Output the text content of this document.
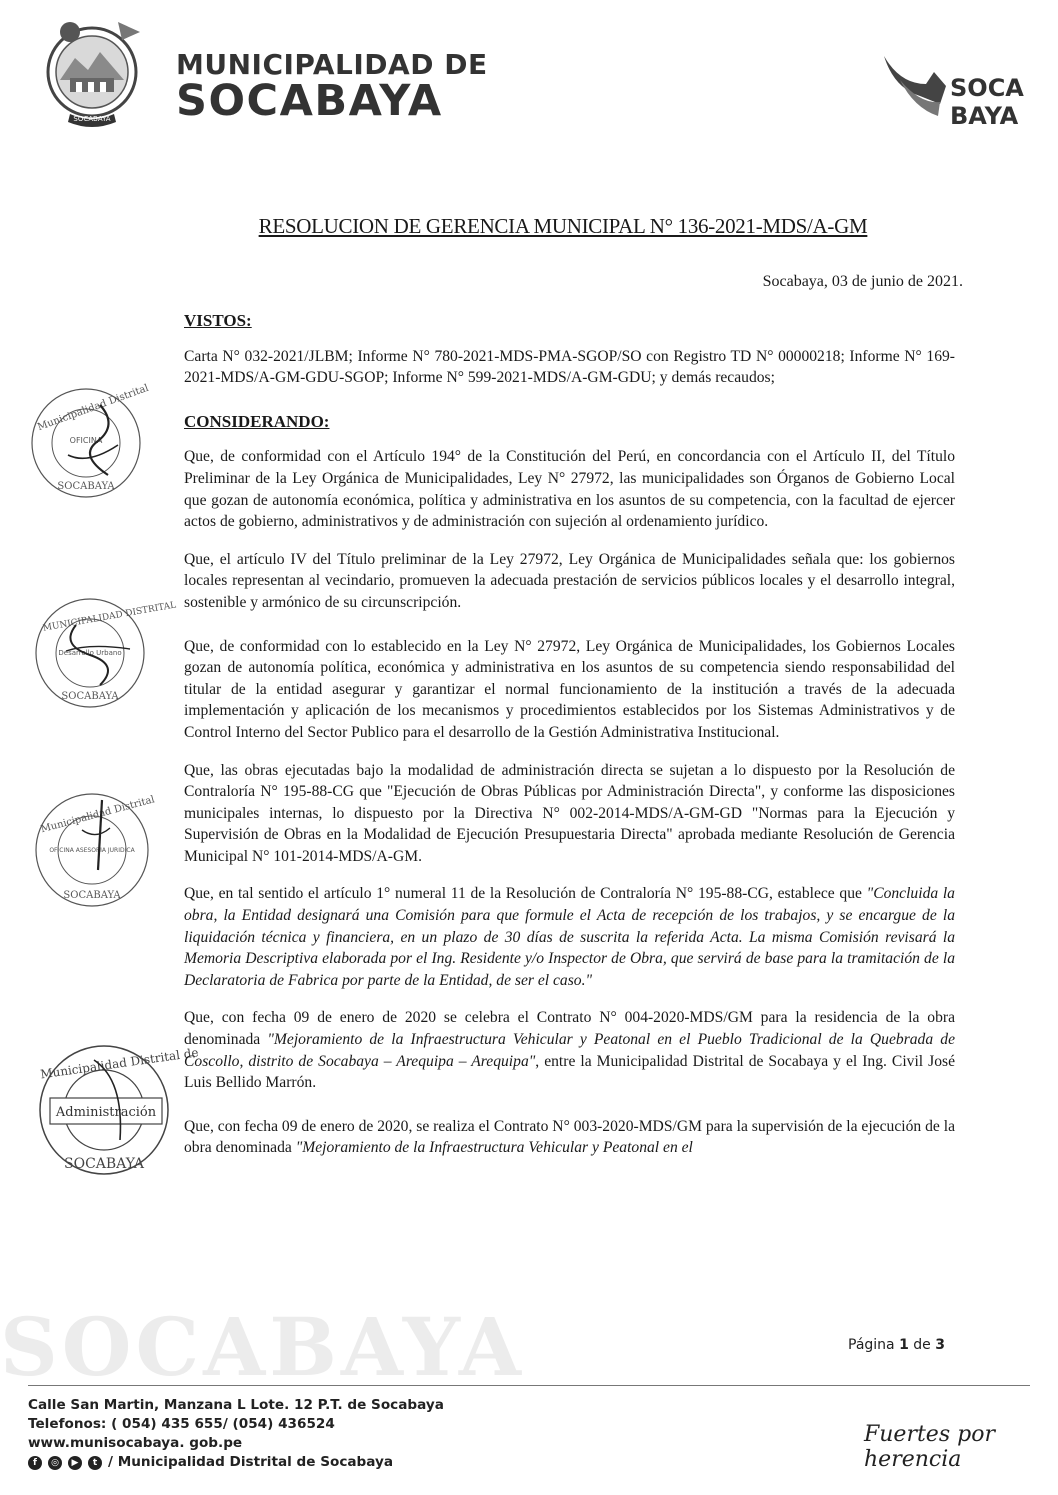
SOCABAYA
MUNICIPALIDAD DE
SOCABAYA	SOCA
BAYA
RESOLUCION DE GERENCIA MUNICIPAL N° 136-2021-MDS/A-GM
Socabaya, 03 de junio de 2021.
Municipalidad Distrital
OFICINA
SOCABAYA
MUNICIPALIDAD DISTRITAL
Desarrollo Urbano
SOCABAYA
Municipalidad Distrital
OFICINA ASESORIA JURIDICA
SOCABAYA
Municipalidad Distrital de
Administración
SOCABAYA
SOCABAYA
VISTOS:

Carta N° 032-2021/JLBM; Informe N° 780-2021-MDS-PMA-SGOP/SO con Registro TD N° 00000218; Informe N° 169-2021-MDS/A-GM-GDU-SGOP; Informe N° 599-2021-MDS/A-GM-GDU; y demás recaudos;

CONSIDERANDO:

Que, de conformidad con el Artículo 194° de la Constitución del Perú, en concordancia con el Artículo II, del Título Preliminar de la Ley Orgánica de Municipalidades, Ley N° 27972, las municipalidades son Órganos de Gobierno Local que gozan de autonomía económica, política y administrativa en los asuntos de su competencia, con la facultad de ejercer actos de gobierno, administrativos y de administración con sujeción al ordenamiento jurídico.

Que, el artículo IV del Título preliminar de la Ley 27972, Ley Orgánica de Municipalidades señala que: los gobiernos locales representan al vecindario, promueven la adecuada prestación de servicios públicos locales y el desarrollo integral, sostenible y armónico de su circunscripción.

Que, de conformidad con lo establecido en la Ley N° 27972, Ley Orgánica de Municipalidades, los Gobiernos Locales gozan de autonomía política, económica y administrativa en los asuntos de su competencia siendo responsabilidad del titular de la entidad asegurar y garantizar el normal funcionamiento de la institución a través de la adecuada implementación y aplicación de los mecanismos y procedimientos establecidos por los Sistemas Administrativos y de Control Interno del Sector Publico para el desarrollo de la Gestión Administrativa Institucional.

Que, las obras ejecutadas bajo la modalidad de administración directa se sujetan a lo dispuesto por la Resolución de Contraloría N° 195-88-CG que "Ejecución de Obras Públicas por Administración Directa", y conforme las disposiciones municipales internas, lo dispuesto por la Directiva N° 002-2014-MDS/A-GM-GD "Normas para la Ejecución y Supervisión de Obras en la Modalidad de Ejecución Presupuestaria Directa" aprobada mediante Resolución de Gerencia Municipal N° 101-2014-MDS/A-GM.

Que, en tal sentido el artículo 1° numeral 11 de la Resolución de Contraloría N° 195-88-CG, establece que "Concluida la obra, la Entidad designará una Comisión para que formule el Acta de recepción de los trabajos, y se encargue de la liquidación técnica y financiera, en un plazo de 30 días de suscrita la referida Acta. La misma Comisión revisará la Memoria Descriptiva elaborada por el Ing. Residente y/o Inspector de Obra, que servirá de base para la tramitación de la Declaratoria de Fabrica por parte de la Entidad, de ser el caso."

Que, con fecha 09 de enero de 2020 se celebra el Contrato N° 004-2020-MDS/GM para la residencia de la obra denominada "Mejoramiento de la Infraestructura Vehicular y Peatonal en el Pueblo Tradicional de la Quebrada de Coscollo, distrito de Socabaya – Arequipa – Arequipa", entre la Municipalidad Distrital de Socabaya y el Ing. Civil José Luis Bellido Marrón.

Que, con fecha 09 de enero de 2020, se realiza el Contrato N° 003-2020-MDS/GM para la supervisión de la ejecución de la obra denominada "Mejoramiento de la Infraestructura Vehicular y Peatonal en el

Página 1 de 3
Calle San Martin, Manzana L Lote. 12 P.T. de Socabaya
Telefonos: ( 054) 435 655/ (054) 436524
www.munisocabaya. gob.pe
f	◎	▶	t / Municipalidad Distrital de Socabaya
Fuertes por herencia
